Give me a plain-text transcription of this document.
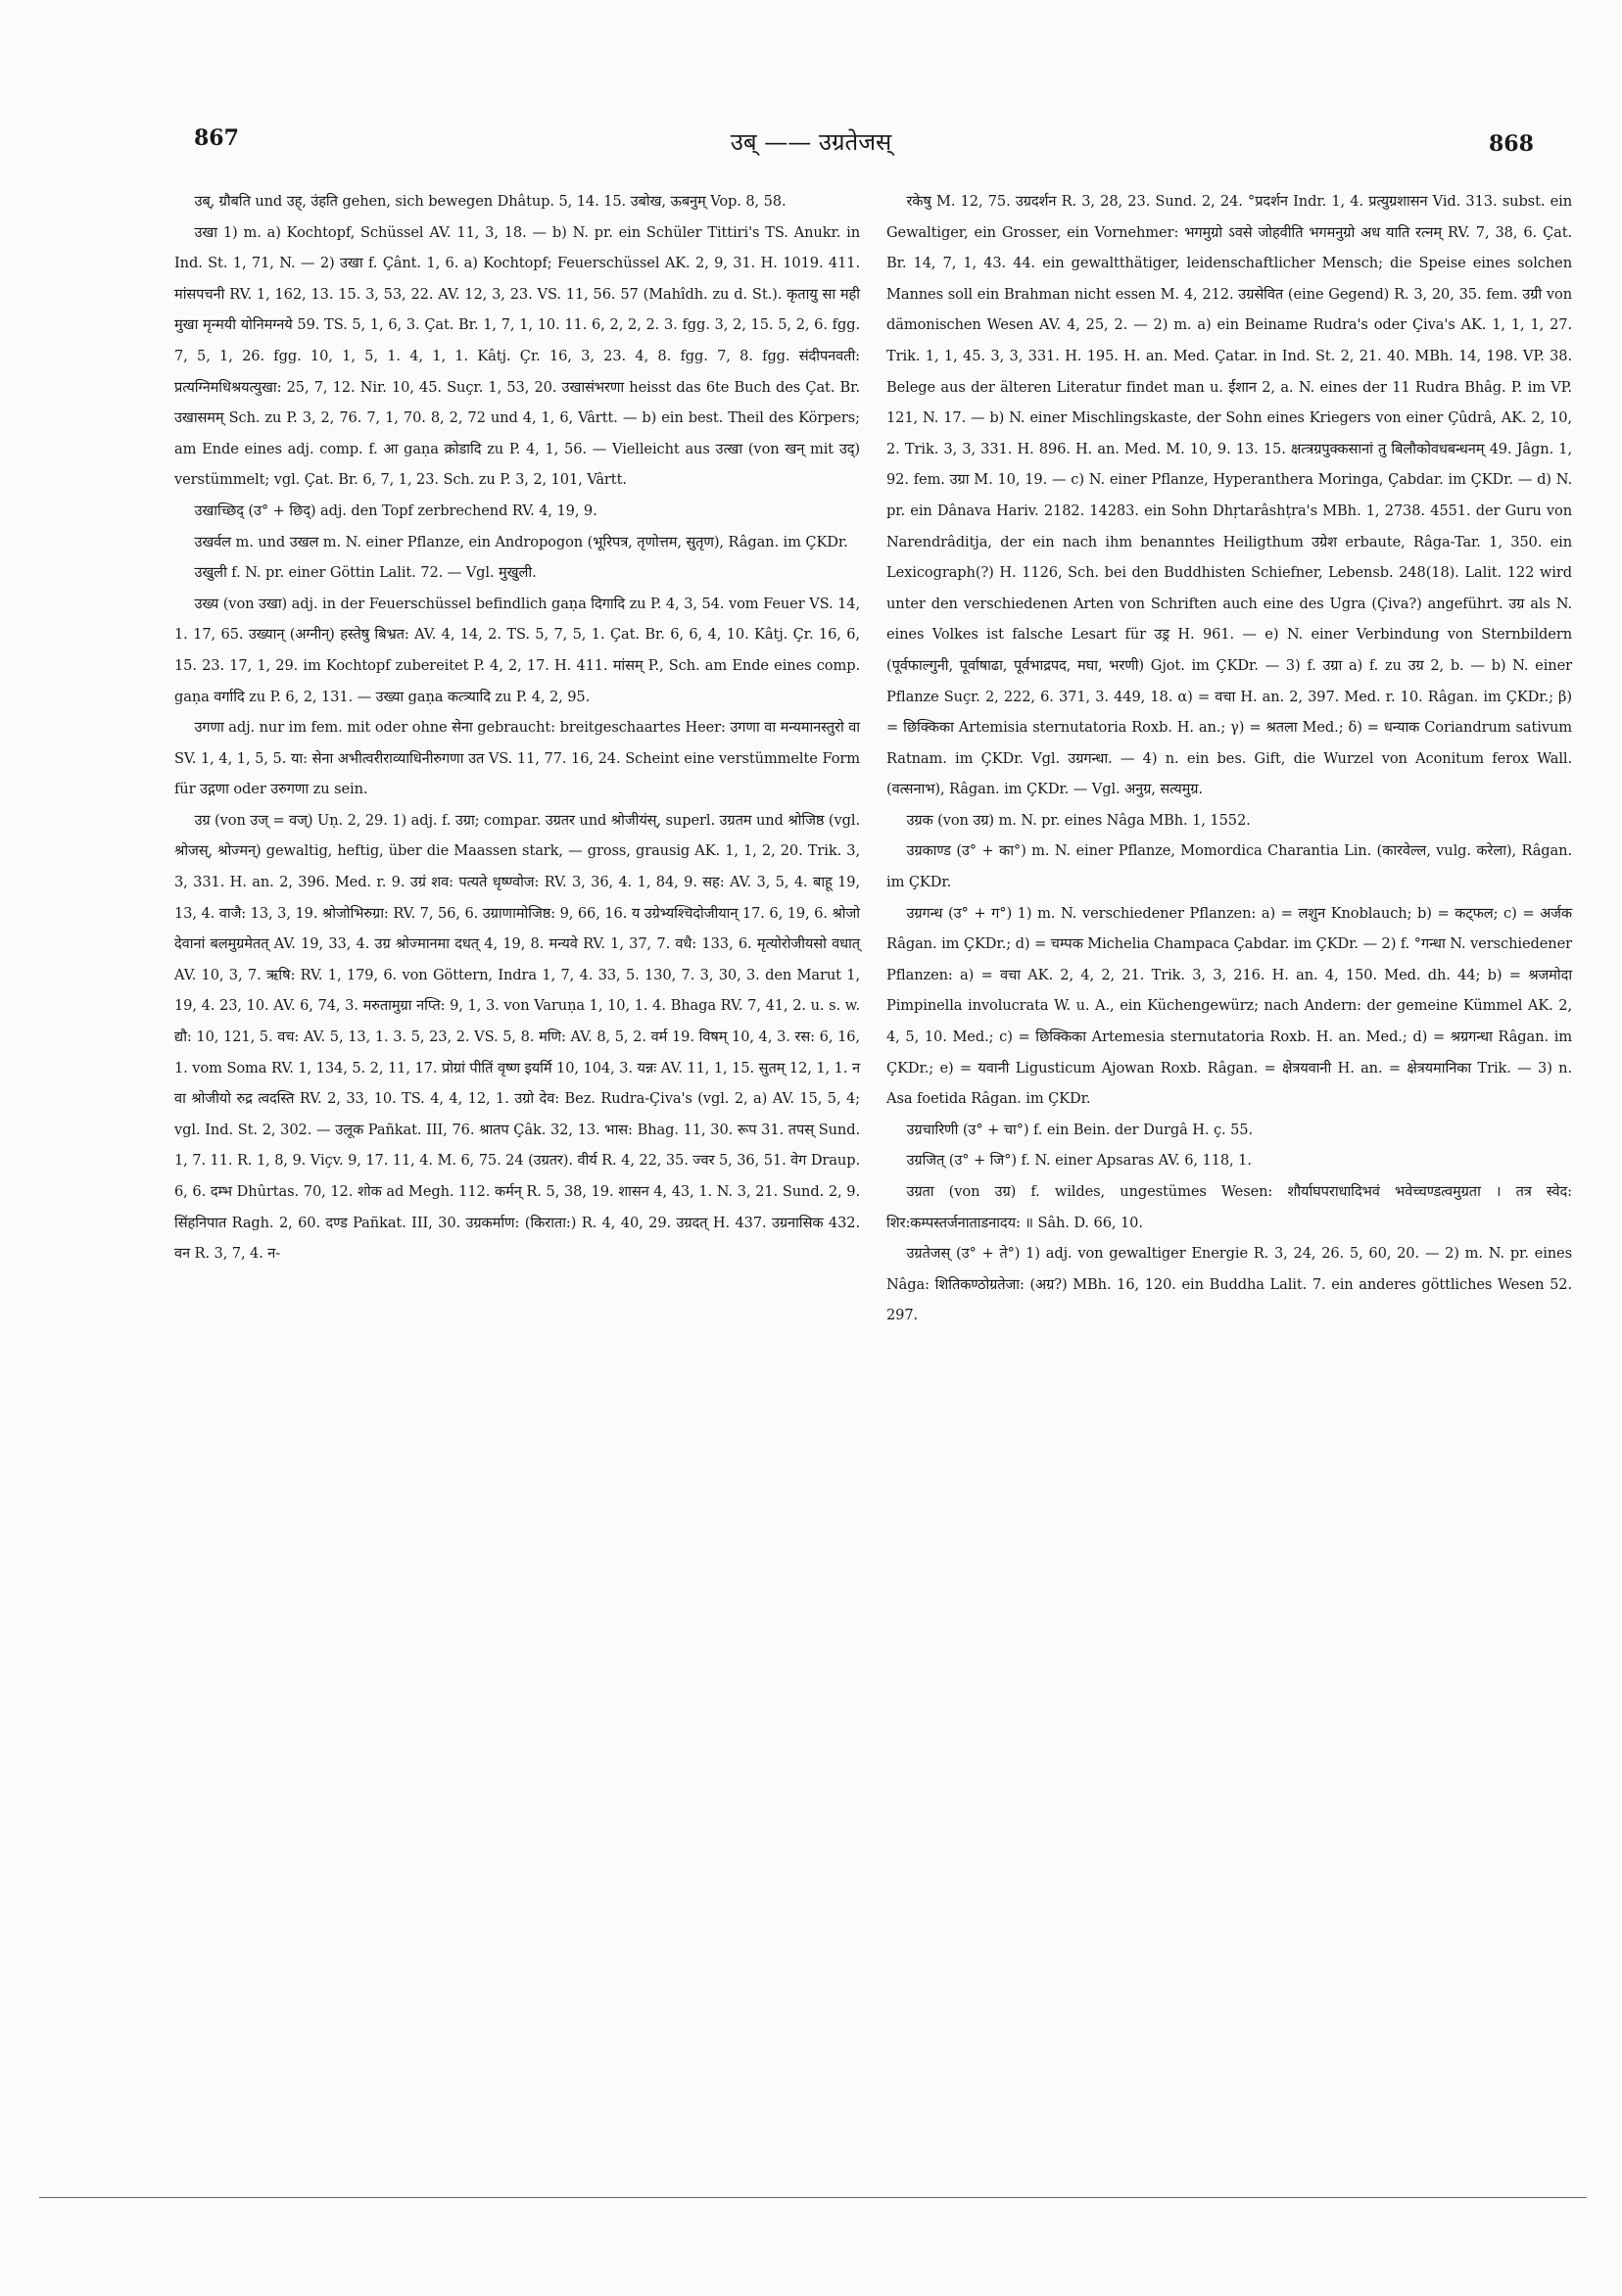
867	उब् —— उग्रतेजस्	868

उब्, ग्रौबति und उह्, उंहति gehen, sich bewegen Dhâtup. 5, 14. 15. उबोख, ऊबनुम् Vop. 8, 58.

उखा 1) m. a) Kochtopf, Schüssel AV. 11, 3, 18. — b) N. pr. ein Schüler Tittiri's TS. Anukr. in Ind. St. 1, 71, N. — 2) उखा f. Çânt. 1, 6. a) Kochtopf; Feuerschüssel AK. 2, 9, 31. H. 1019. 411. मांसपचनी RV. 1, 162, 13. 15. 3, 53, 22. AV. 12, 3, 23. VS. 11, 56. 57 (Mahîdh. zu d. St.). कृतायु सा मही मुखा मृन्मयी योनिमग्नये 59. TS. 5, 1, 6, 3. Çat. Br. 1, 7, 1, 10. 11. 6, 2, 2, 2. 3. fgg. 3, 2, 15. 5, 2, 6. fgg. 7, 5, 1, 26. fgg. 10, 1, 5, 1. 4, 1, 1. Kâtj. Çr. 16, 3, 23. 4, 8. fgg. 7, 8. fgg. संदीपनवती: प्रत्यग्निमधिश्रयत्युखा: 25, 7, 12. Nir. 10, 45. Suçr. 1, 53, 20. उखासंभरणा heisst das 6te Buch des Çat. Br. उखासमम् Sch. zu P. 3, 2, 76. 7, 1, 70. 8, 2, 72 und 4, 1, 6, Vârtt. — b) ein best. Theil des Körpers; am Ende eines adj. comp. f. आ gaṇa क्रोडादि zu P. 4, 1, 56. — Vielleicht aus उत्खा (von खन् mit उद्) verstümmelt; vgl. Çat. Br. 6, 7, 1, 23. Sch. zu P. 3, 2, 101, Vârtt.

उखाच्छिद् (उ° + छिद्) adj. den Topf zerbrechend RV. 4, 19, 9.

उखर्वल m. und उखल m. N. einer Pflanze, ein Andropogon (भूरिपत्र, तृणोत्तम, सुतृण), Râgan. im ÇKDr.

उखुली f. N. pr. einer Göttin Lalit. 72. — Vgl. मुखुली.

उख्य (von उखा) adj. in der Feuerschüssel befindlich gaṇa दिगादि zu P. 4, 3, 54. vom Feuer VS. 14, 1. 17, 65. उख्यान् (अग्नीन्) हस्तेषु बिभ्रत: AV. 4, 14, 2. TS. 5, 7, 5, 1. Çat. Br. 6, 6, 4, 10. Kâtj. Çr. 16, 6, 15. 23. 17, 1, 29. im Kochtopf zubereitet P. 4, 2, 17. H. 411. मांसम् P., Sch. am Ende eines comp. gaṇa वर्गादि zu P. 6, 2, 131. — उख्या gaṇa कत्त्र्यादि zu P. 4, 2, 95.

उगणा adj. nur im fem. mit oder ohne सेना gebraucht: breitgeschaartes Heer: उगणा वा मन्यमानस्तुरो वा SV. 1, 4, 1, 5, 5. या: सेना अभीत्वरीराव्याधिनीरुगणा उत VS. 11, 77. 16, 24. Scheint eine verstümmelte Form für उद्गणा oder उरुगणा zu sein.

उग्र (von उज् = वज्) Uṇ. 2, 29. 1) adj. f. उग्रा; compar. उग्रतर und श्रोजीयंस्, superl. उग्रतम und श्रोजिष्ठ (vgl. श्रोजस्, श्रोज्मन्) gewaltig, heftig, über die Maassen stark, — gross, grausig AK. 1, 1, 2, 20. Trik. 3, 3, 331. H. an. 2, 396. Med. r. 9. उग्रं शव: पत्यते धृष्ण्वोज: RV. 3, 36, 4. 1, 84, 9. सह: AV. 3, 5, 4. बाहू 19, 13, 4. वाजै: 13, 3, 19. श्रोजोभिरुग्रा: RV. 7, 56, 6. उग्राणामोजिष्ठ: 9, 66, 16. य उग्रेभ्यश्चिदोजीयान् 17. 6, 19, 6. श्रोजो देवानां बलमुग्रमेतत् AV. 19, 33, 4. उग्र श्रोज्मानमा दधत् 4, 19, 8. मन्यवे RV. 1, 37, 7. वधै: 133, 6. मृत्योरोजीयसो वधात् AV. 10, 3, 7. ऋषि: RV. 1, 179, 6. von Göttern, Indra 1, 7, 4. 33, 5. 130, 7. 3, 30, 3. den Marut 1, 19, 4. 23, 10. AV. 6, 74, 3. मरुतामुग्रा नप्ति: 9, 1, 3. von Varuṇa 1, 10, 1. 4. Bhaga RV. 7, 41, 2. u. s. w. द्यौ: 10, 121, 5. वच: AV. 5, 13, 1. 3. 5, 23, 2. VS. 5, 8. मणि: AV. 8, 5, 2. वर्म 19. विषम् 10, 4, 3. रस: 6, 16, 1. vom Soma RV. 1, 134, 5. 2, 11, 17. प्रोग्रां पीतिं वृष्ण इयर्मि 10, 104, 3. यन्नः AV. 11, 1, 15. सुतम् 12, 1, 1. न वा श्रोजीयो रुद्र त्वदस्ति RV. 2, 33, 10. TS. 4, 4, 12, 1. उग्रो देव: Bez. Rudra-Çiva's (vgl. 2, a) AV. 15, 5, 4; vgl. Ind. St. 2, 302. — उलूक Pañkat. III, 76. श्रातप Çâk. 32, 13. भास: Bhag. 11, 30. रूप 31. तपस् Sund. 1, 7. 11. R. 1, 8, 9. Viçv. 9, 17. 11, 4. M. 6, 75. 24 (उग्रतर). वीर्य R. 4, 22, 35. ज्वर 5, 36, 51. वेग Draup. 6, 6. दम्भ Dhûrtas. 70, 12. शोक ad Megh. 112. कर्मन् R. 5, 38, 19. शासन 4, 43, 1. N. 3, 21. Sund. 2, 9. सिंहनिपात Ragh. 2, 60. दण्ड Pañkat. III, 30. उग्रकर्माण: (किराता:) R. 4, 40, 29. उग्रदत् H. 437. उग्रनासिक 432. वन R. 3, 7, 4. न-

रकेषु M. 12, 75. उग्रदर्शन R. 3, 28, 23. Sund. 2, 24. °प्रदर्शन Indr. 1, 4. प्रत्युग्रशासन Vid. 313. subst. ein Gewaltiger, ein Grosser, ein Vornehmer: भगमुग्रो ऽवसे जोहवीति भगमनुग्रो अध याति रत्नम् RV. 7, 38, 6. Çat. Br. 14, 7, 1, 43. 44. ein gewaltthätiger, leidenschaftlicher Mensch; die Speise eines solchen Mannes soll ein Brahman nicht essen M. 4, 212. उग्रसेवित (eine Gegend) R. 3, 20, 35. fem. उग्री von dämonischen Wesen AV. 4, 25, 2. — 2) m. a) ein Beiname Rudra's oder Çiva's AK. 1, 1, 1, 27. Trik. 1, 1, 45. 3, 3, 331. H. 195. H. an. Med. Çatar. in Ind. St. 2, 21. 40. MBh. 14, 198. VP. 38. Belege aus der älteren Literatur findet man u. ईशान 2, a. N. eines der 11 Rudra Bhâg. P. im VP. 121, N. 17. — b) N. einer Mischlingskaste, der Sohn eines Kriegers von einer Çûdrâ, AK. 2, 10, 2. Trik. 3, 3, 331. H. 896. H. an. Med. M. 10, 9. 13. 15. क्षत्त्रग्रपुक्कसानां तु बिलौकोवधबन्धनम् 49. Jâgn. 1, 92. fem. उग्रा M. 10, 19. — c) N. einer Pflanze, Hyperanthera Moringa, Çabdar. im ÇKDr. — d) N. pr. ein Dânava Hariv. 2182. 14283. ein Sohn Dhṛtarâshṭra's MBh. 1, 2738. 4551. der Guru von Narendrâditja, der ein nach ihm benanntes Heiligthum उग्रेश erbaute, Râga-Tar. 1, 350. ein Lexicograph(?) H. 1126, Sch. bei den Buddhisten Schiefner, Lebensb. 248(18). Lalit. 122 wird unter den verschiedenen Arten von Schriften auch eine des Ugra (Çiva?) angeführt. उग्र als N. eines Volkes ist falsche Lesart für उड्र H. 961. — e) N. einer Verbindung von Sternbildern (पूर्वफाल्गुनी, पूर्वाषाढा, पूर्वभाद्रपद, मघा, भरणी) Gjot. im ÇKDr. — 3) f. उग्रा a) f. zu उग्र 2, b. — b) N. einer Pflanze Suçr. 2, 222, 6. 371, 3. 449, 18. α) = वचा H. an. 2, 397. Med. r. 10. Râgan. im ÇKDr.; β) = छिक्किका Artemisia sternutatoria Roxb. H. an.; γ) = श्रतला Med.; δ) = धन्याक Coriandrum sativum Ratnam. im ÇKDr. Vgl. उग्रगन्धा. — 4) n. ein bes. Gift, die Wurzel von Aconitum ferox Wall. (वत्सनाभ), Râgan. im ÇKDr. — Vgl. अनुग्र, सत्यमुग्र.

उग्रक (von उग्र) m. N. pr. eines Nâga MBh. 1, 1552.

उग्रकाण्ड (उ° + का°) m. N. einer Pflanze, Momordica Charantia Lin. (कारवेल्ल, vulg. करेला), Râgan. im ÇKDr.

उग्रगन्ध (उ° + ग°) 1) m. N. verschiedener Pflanzen: a) = लशुन Knoblauch; b) = कट्फल; c) = अर्जक Râgan. im ÇKDr.; d) = चम्पक Michelia Champaca Çabdar. im ÇKDr. — 2) f. °गन्धा N. verschiedener Pflanzen: a) = वचा AK. 2, 4, 2, 21. Trik. 3, 3, 216. H. an. 4, 150. Med. dh. 44; b) = श्रजमोदा Pimpinella involucrata W. u. A., ein Küchengewürz; nach Andern: der gemeine Kümmel AK. 2, 4, 5, 10. Med.; c) = छिक्किका Artemesia sternutatoria Roxb. H. an. Med.; d) = श्रग्रगन्धा Râgan. im ÇKDr.; e) = यवानी Ligusticum Ajowan Roxb. Râgan. = क्षेत्रयवानी H. an. = क्षेत्रयमानिका Trik. — 3) n. Asa foetida Râgan. im ÇKDr.

उग्रचारिणी (उ° + चा°) f. ein Bein. der Durgâ H. ç. 55.

उग्रजित् (उ° + जि°) f. N. einer Apsaras AV. 6, 118, 1.

उग्रता (von उग्र) f. wildes, ungestümes Wesen: शौर्याघपराधादिभवं भवेच्चण्डत्वमुग्रता । तत्र स्वेद: शिर:कम्पस्तर्जनाताडनादय: ॥ Sâh. D. 66, 10.

उग्रतेजस् (उ° + ते°) 1) adj. von gewaltiger Energie R. 3, 24, 26. 5, 60, 20. — 2) m. N. pr. eines Nâga: शितिकण्ठोग्रतेजा: (अग्र?) MBh. 16, 120. ein Buddha Lalit. 7. ein anderes göttliches Wesen 52. 297.
